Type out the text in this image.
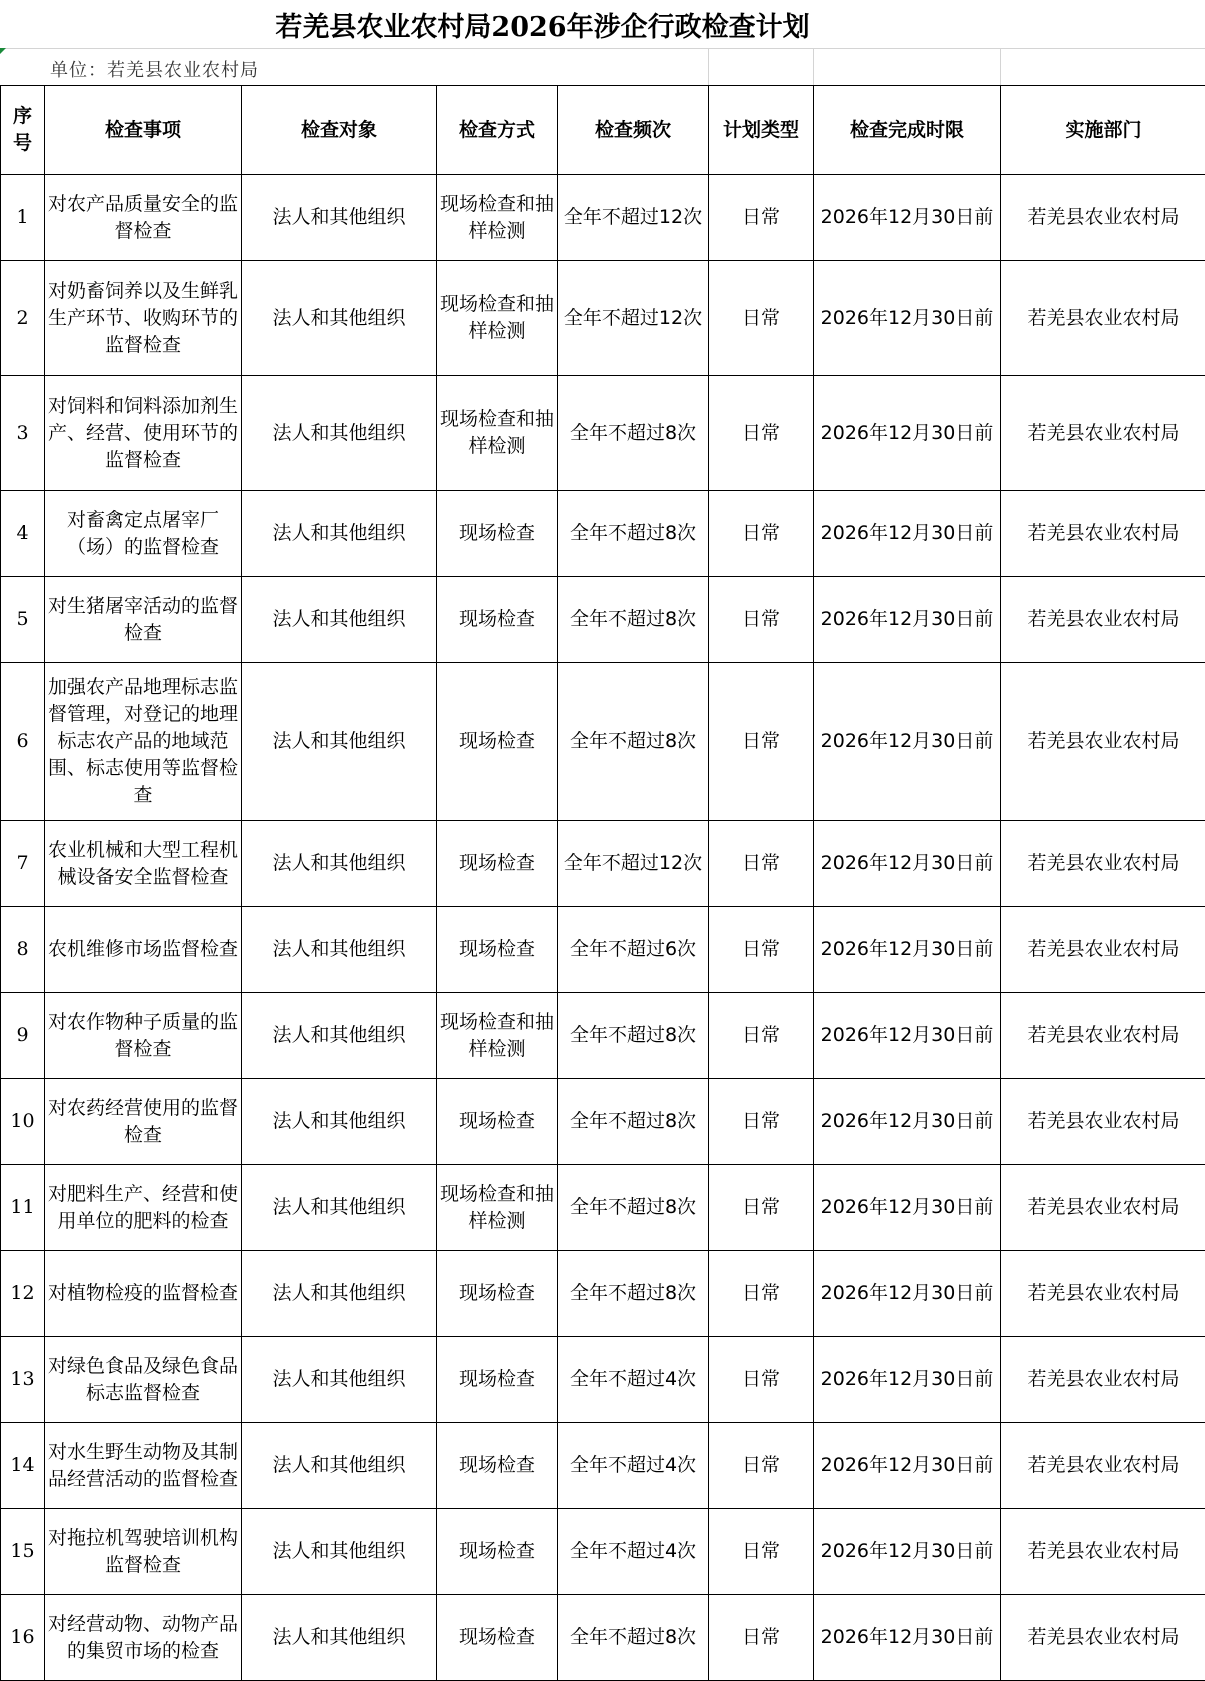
若羌县农业农村局2026年涉企行政检查计划
单位：若羌县农业农村局
序号	检查事项	检查对象	检查方式	检查频次	计划类型	检查完成时限	实施部门
1	对农产品质量安全的监督检查	法人和其他组织	现场检查和抽样检测	全年不超过12次	日常	2026年12月30日前	若羌县农业农村局
2	对奶畜饲养以及生鲜乳生产环节、收购环节的监督检查	法人和其他组织	现场检查和抽样检测	全年不超过12次	日常	2026年12月30日前	若羌县农业农村局
3	对饲料和饲料添加剂生产、经营、使用环节的监督检查	法人和其他组织	现场检查和抽样检测	全年不超过8次	日常	2026年12月30日前	若羌县农业农村局
4	对畜禽定点屠宰厂（场）的监督检查	法人和其他组织	现场检查	全年不超过8次	日常	2026年12月30日前	若羌县农业农村局
5	对生猪屠宰活动的监督检查	法人和其他组织	现场检查	全年不超过8次	日常	2026年12月30日前	若羌县农业农村局
6	加强农产品地理标志监督管理，对登记的地理标志农产品的地域范围、标志使用等监督检查	法人和其他组织	现场检查	全年不超过8次	日常	2026年12月30日前	若羌县农业农村局
7	农业机械和大型工程机械设备安全监督检查	法人和其他组织	现场检查	全年不超过12次	日常	2026年12月30日前	若羌县农业农村局
8	农机维修市场监督检查	法人和其他组织	现场检查	全年不超过6次	日常	2026年12月30日前	若羌县农业农村局
9	对农作物种子质量的监督检查	法人和其他组织	现场检查和抽样检测	全年不超过8次	日常	2026年12月30日前	若羌县农业农村局
10	对农药经营使用的监督检查	法人和其他组织	现场检查	全年不超过8次	日常	2026年12月30日前	若羌县农业农村局
11	对肥料生产、经营和使用单位的肥料的检查	法人和其他组织	现场检查和抽样检测	全年不超过8次	日常	2026年12月30日前	若羌县农业农村局
12	对植物检疫的监督检查	法人和其他组织	现场检查	全年不超过8次	日常	2026年12月30日前	若羌县农业农村局
13	对绿色食品及绿色食品标志监督检查	法人和其他组织	现场检查	全年不超过4次	日常	2026年12月30日前	若羌县农业农村局
14	对水生野生动物及其制品经营活动的监督检查	法人和其他组织	现场检查	全年不超过4次	日常	2026年12月30日前	若羌县农业农村局
15	对拖拉机驾驶培训机构监督检查	法人和其他组织	现场检查	全年不超过4次	日常	2026年12月30日前	若羌县农业农村局
16	对经营动物、动物产品的集贸市场的检查	法人和其他组织	现场检查	全年不超过8次	日常	2026年12月30日前	若羌县农业农村局
